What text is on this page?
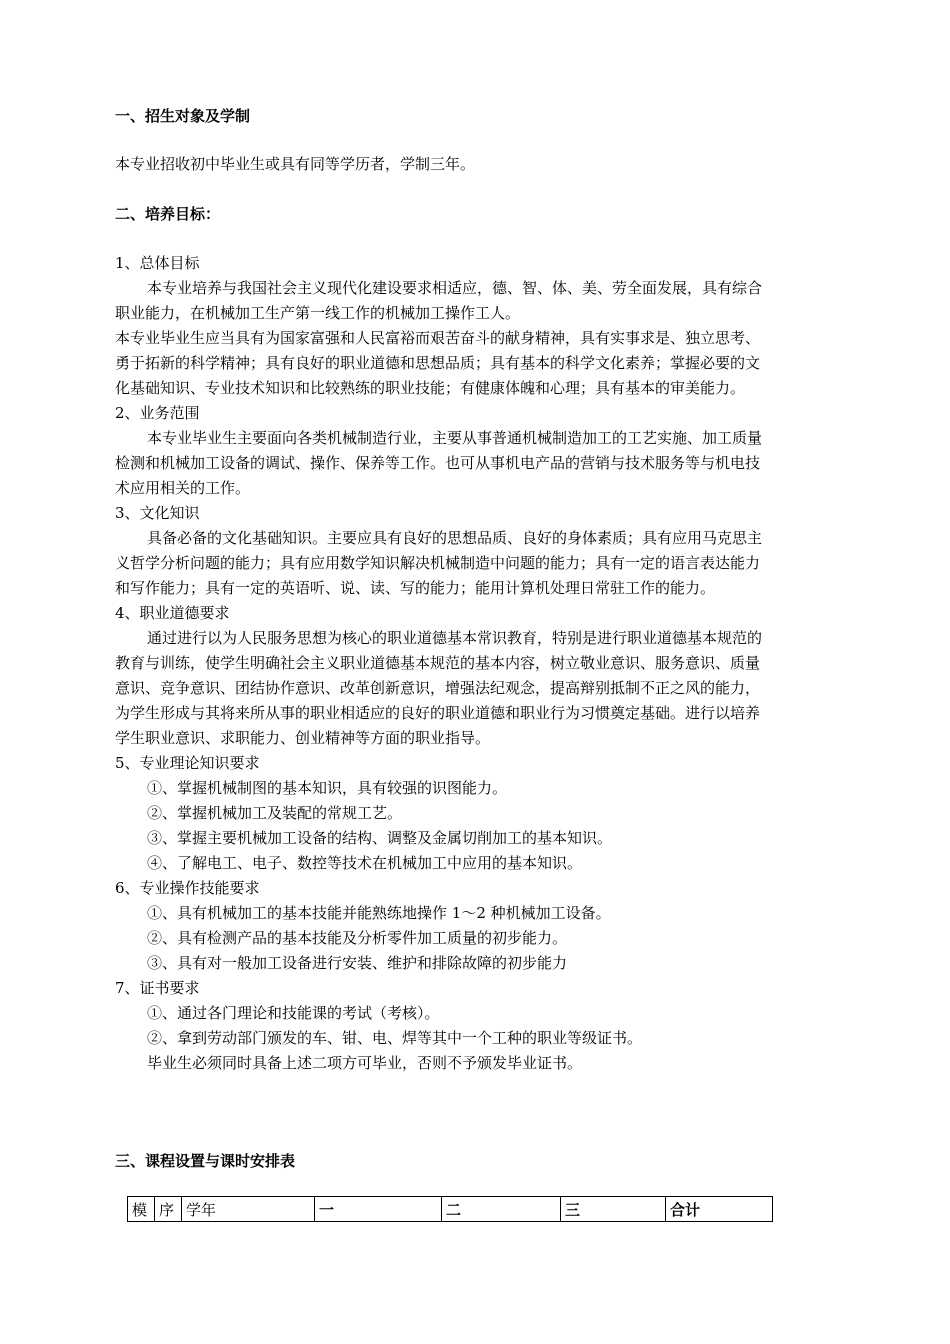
一、招生对象及学制
本专业招收初中毕业生或具有同等学历者，学制三年。
二、培养目标：
1、总体目标
本专业培养与我国社会主义现代化建设要求相适应，德、智、体、美、劳全面发展，具有综合
职业能力，在机械加工生产第一线工作的机械加工操作工人。
本专业毕业生应当具有为国家富强和人民富裕而艰苦奋斗的献身精神，具有实事求是、独立思考、
勇于拓新的科学精神；具有良好的职业道德和思想品质；具有基本的科学文化素养；掌握必要的文
化基础知识、专业技术知识和比较熟练的职业技能；有健康体魄和心理；具有基本的审美能力。
2、业务范围
本专业毕业生主要面向各类机械制造行业，主要从事普通机械制造加工的工艺实施、加工质量
检测和机械加工设备的调试、操作、保养等工作。也可从事机电产品的营销与技术服务等与机电技
术应用相关的工作。
3、文化知识
具备必备的文化基础知识。主要应具有良好的思想品质、良好的身体素质；具有应用马克思主
义哲学分析问题的能力；具有应用数学知识解决机械制造中问题的能力；具有一定的语言表达能力
和写作能力；具有一定的英语听、说、读、写的能力；能用计算机处理日常驻工作的能力。
4、职业道德要求
通过进行以为人民服务思想为核心的职业道德基本常识教育，特别是进行职业道德基本规范的
教育与训练，使学生明确社会主义职业道德基本规范的基本内容，树立敬业意识、服务意识、质量
意识、竞争意识、团结协作意识、改革创新意识，增强法纪观念，提高辩别抵制不正之风的能力，
为学生形成与其将来所从事的职业相适应的良好的职业道德和职业行为习惯奠定基础。进行以培养
学生职业意识、求职能力、创业精神等方面的职业指导。
5、专业理论知识要求
①、掌握机械制图的基本知识，具有较强的识图能力。
②、掌握机械加工及装配的常规工艺。
③、掌握主要机械加工设备的结构、调整及金属切削加工的基本知识。
④、了解电工、电子、数控等技术在机械加工中应用的基本知识。
6、专业操作技能要求
①、具有机械加工的基本技能并能熟练地操作 1～2 种机械加工设备。
②、具有检测产品的基本技能及分析零件加工质量的初步能力。
③、具有对一般加工设备进行安装、维护和排除故障的初步能力
7、证书要求
①、通过各门理论和技能课的考试（考核）。
②、拿到劳动部门颁发的车、钳、电、焊等其中一个工种的职业等级证书。
毕业生必须同时具备上述二项方可毕业，否则不予颁发毕业证书。
三、课程设置与课时安排表
模	序	学年	一	二	三	合计
